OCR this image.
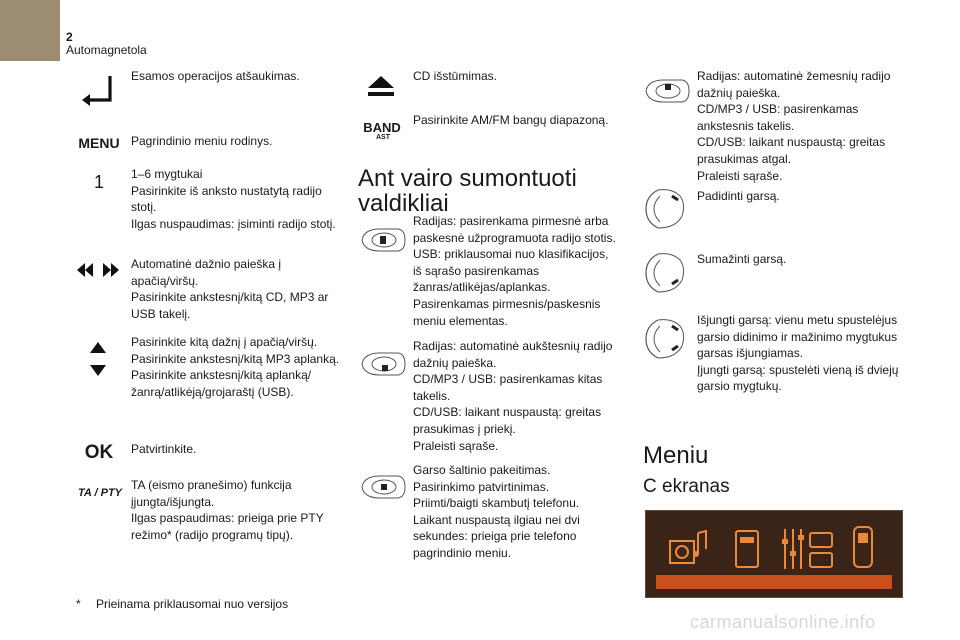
2
Automagnetola
MENU
1
OK
TA / PTY
Esamos operacijos atšaukimas.
Pagrindinio meniu rodinys.
1–6 mygtukai
Pasirinkite iš anksto nustatytą radijo stotį.
Ilgas nuspaudimas: įsiminti radijo stotį.
Automatinė dažnio paieška į apačią/viršų.
Pasirinkite ankstesnį/kitą CD, MP3 ar USB takelį.
Pasirinkite kitą dažnį į apačią/viršų.
Pasirinkite ankstesnį/kitą MP3 aplanką.
Pasirinkite ankstesnį/kitą aplanką/žanrą/atlikėją/grojaraštį (USB).
Patvirtinkite.
TA (eismo pranešimo) funkcija įjungta/išjungta.
Ilgas paspaudimas: prieiga prie PTY režimo* (radijo programų tipų).
BAND
AST
CD išstūmimas.
Pasirinkite AM/FM bangų diapazoną.
Ant vairo sumontuoti
valdikliai
Radijas: pasirenkama pirmesnė arba paskesnė užprogramuota radijo stotis.
USB: priklausomai nuo klasifikacijos, iš sąrašo pasirenkamas žanras/atlikėjas/aplankas.
Pasirenkamas pirmesnis/paskesnis meniu elementas.
Radijas: automatinė aukštesnių radijo dažnių paieška.
CD/MP3 / USB: pasirenkamas kitas takelis.
CD/USB: laikant nuspaustą: greitas prasukimas į priekį.
Praleisti sąraše.
Garso šaltinio pakeitimas.
Pasirinkimo patvirtinimas.
Priimti/baigti skambutį telefonu.
Laikant nuspaustą ilgiau nei dvi sekundes: prieiga prie telefono pagrindinio meniu.
Radijas: automatinė žemesnių radijo dažnių paieška.
CD/MP3 / USB: pasirenkamas ankstesnis takelis.
CD/USB: laikant nuspaustą: greitas prasukimas atgal.
Praleisti sąraše.
Padidinti garsą.
Sumažinti garsą.
Išjungti garsą: vienu metu spustelėjus garsio didinimo ir mažinimo mygtukus garsas išjungiamas.
Įjungti garsą: spustelėti vieną iš dviejų garsio mygtukų.
Meniu
C ekranas
* Prieinama priklausomai nuo versijos
carmanualsonline.info
